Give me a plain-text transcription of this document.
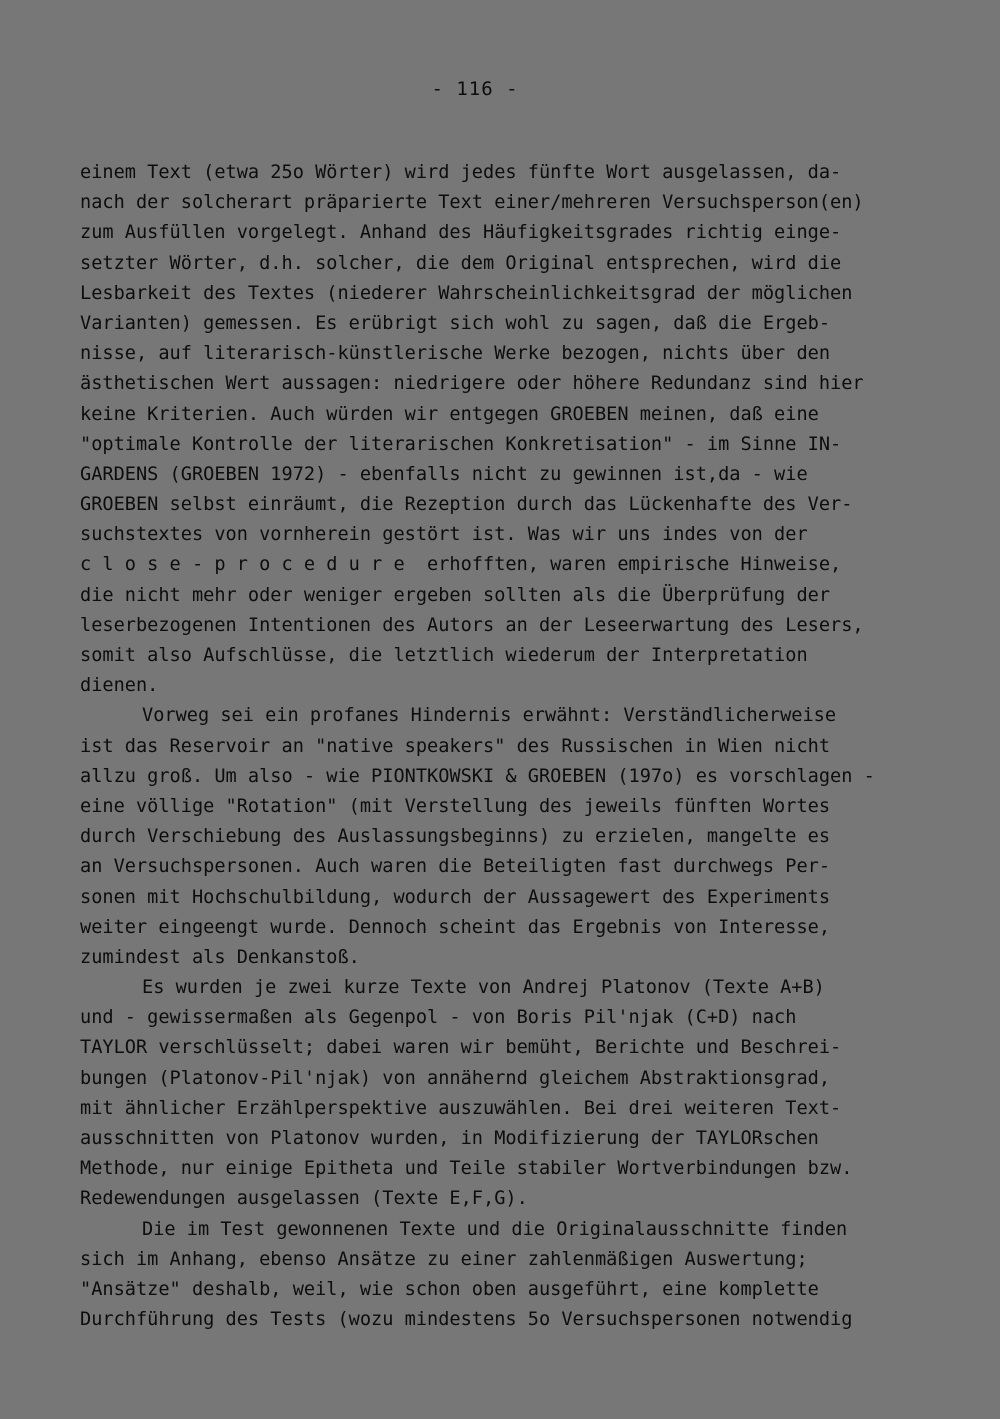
- 116 -
einem Text (etwa 25o Wörter) wird jedes fünfte Wort ausgelassen, da-
nach der solcherart präparierte Text einer/mehreren Versuchsperson(en)
zum Ausfüllen vorgelegt. Anhand des Häufigkeitsgrades richtig einge-
setzter Wörter, d.h. solcher, die dem Original entsprechen, wird die
Lesbarkeit des Textes (niederer Wahrscheinlichkeitsgrad der möglichen
Varianten) gemessen. Es erübrigt sich wohl zu sagen, daß die Ergeb-
nisse, auf literarisch-künstlerische Werke bezogen, nichts über den
ästhetischen Wert aussagen: niedrigere oder höhere Redundanz sind hier
keine Kriterien. Auch würden wir entgegen GROEBEN meinen, daß eine
"optimale Kontrolle der literarischen Konkretisation" - im Sinne IN-
GARDENS (GROEBEN 1972) - ebenfalls nicht zu gewinnen ist,da - wie
GROEBEN selbst einräumt, die Rezeption durch das Lückenhafte des Ver-
suchstextes von vornherein gestört ist. Was wir uns indes von der
c l o s e - p r o c e d u r e  erhofften, waren empirische Hinweise,
die nicht mehr oder weniger ergeben sollten als die Überprüfung der
leserbezogenen Intentionen des Autors an der Leseerwartung des Lesers,
somit also Aufschlüsse, die letztlich wiederum der Interpretation
dienen.
Vorweg sei ein profanes Hindernis erwähnt: Verständlicherweise
ist das Reservoir an "native speakers" des Russischen in Wien nicht
allzu groß. Um also - wie PIONTKOWSKI & GROEBEN (197o) es vorschlagen -
eine völlige "Rotation" (mit Verstellung des jeweils fünften Wortes
durch Verschiebung des Auslassungsbeginns) zu erzielen, mangelte es
an Versuchspersonen. Auch waren die Beteiligten fast durchwegs Per-
sonen mit Hochschulbildung, wodurch der Aussagewert des Experiments
weiter eingeengt wurde. Dennoch scheint das Ergebnis von Interesse,
zumindest als Denkanstoß.
Es wurden je zwei kurze Texte von Andrej Platonov (Texte A+B)
und - gewissermaßen als Gegenpol - von Boris Pil'njak (C+D) nach
TAYLOR verschlüsselt; dabei waren wir bemüht, Berichte und Beschrei-
bungen (Platonov-Pil'njak) von annähernd gleichem Abstraktionsgrad,
mit ähnlicher Erzählperspektive auszuwählen. Bei drei weiteren Text-
ausschnitten von Platonov wurden, in Modifizierung der TAYLORschen
Methode, nur einige Epitheta und Teile stabiler Wortverbindungen bzw.
Redewendungen ausgelassen (Texte E,F,G).
Die im Test gewonnenen Texte und die Originalausschnitte finden
sich im Anhang, ebenso Ansätze zu einer zahlenmäßigen Auswertung;
"Ansätze" deshalb, weil, wie schon oben ausgeführt, eine komplette
Durchführung des Tests (wozu mindestens 5o Versuchspersonen notwendig
